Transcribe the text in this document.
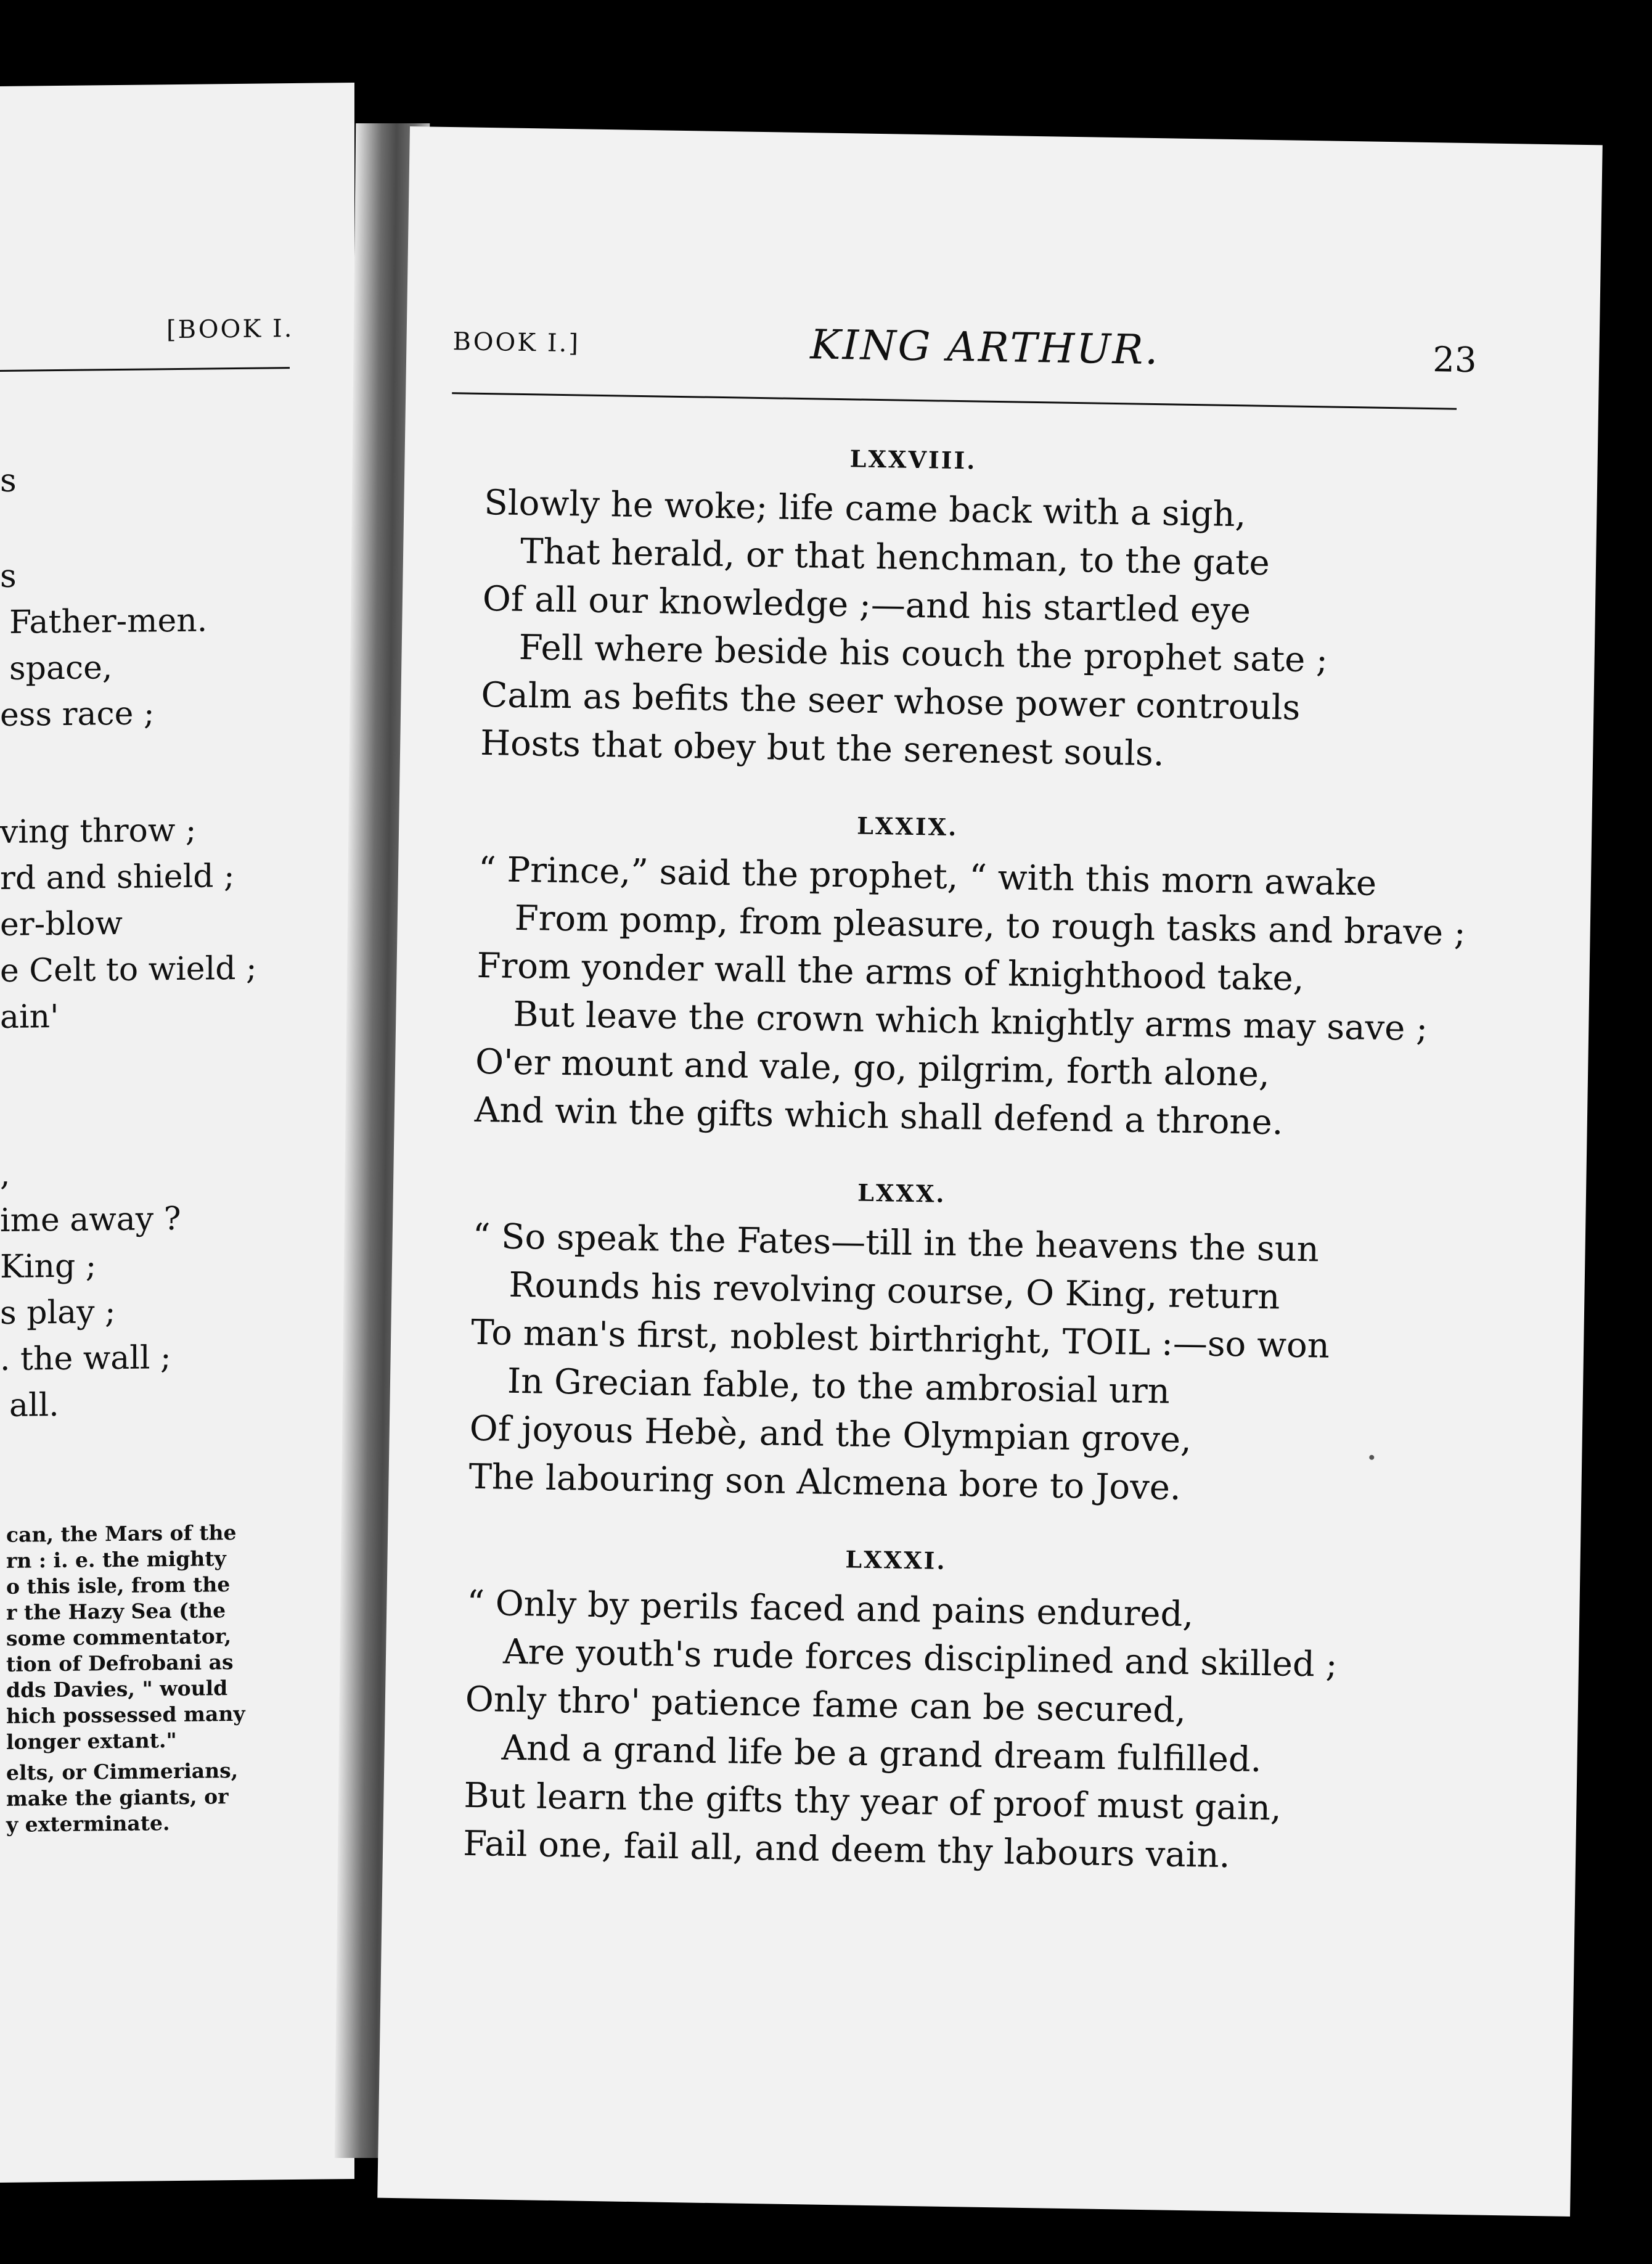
[BOOK I.
s
s
Father-men.
space,
ess race ;
ving throw ;
rd and shield ;
er-blow
e Celt to wield ;
ain'
,
ime away ?
King ;
s play ;
. the wall ;
all.
can, the Mars of the
rn : i. e. the mighty
o this isle, from the
r the Hazy Sea (the
some commentator,
tion of Defrobani as
dds Davies, " would
hich possessed many
longer extant."
elts, or Cimmerians,
make the giants, or
y exterminate.
BOOK I.]	KING ARTHUR.	23
LXXVIII.
Slowly he woke; life came back with a sigh,
That herald, or that henchman, to the gate
Of all our knowledge ;—and his startled eye
Fell where beside his couch the prophet sate ;
Calm as befits the seer whose power controuls
Hosts that obey but the serenest souls.
LXXIX.
“ Prince,” said the prophet, “ with this morn awake
From pomp, from pleasure, to rough tasks and brave ;
From yonder wall the arms of knighthood take,
But leave the crown which knightly arms may save ;
O'er mount and vale, go, pilgrim, forth alone,
And win the gifts which shall defend a throne.
LXXX.
“ So speak the Fates—till in the heavens the sun
Rounds his revolving course, O King, return
To man's first, noblest birthright, TOIL :—so won
In Grecian fable, to the ambrosial urn
Of joyous Hebè, and the Olympian grove,
The labouring son Alcmena bore to Jove.
LXXXI.
“ Only by perils faced and pains endured,
Are youth's rude forces disciplined and skilled ;
Only thro' patience fame can be secured,
And a grand life be a grand dream fulfilled.
But learn the gifts thy year of proof must gain,
Fail one, fail all, and deem thy labours vain.
